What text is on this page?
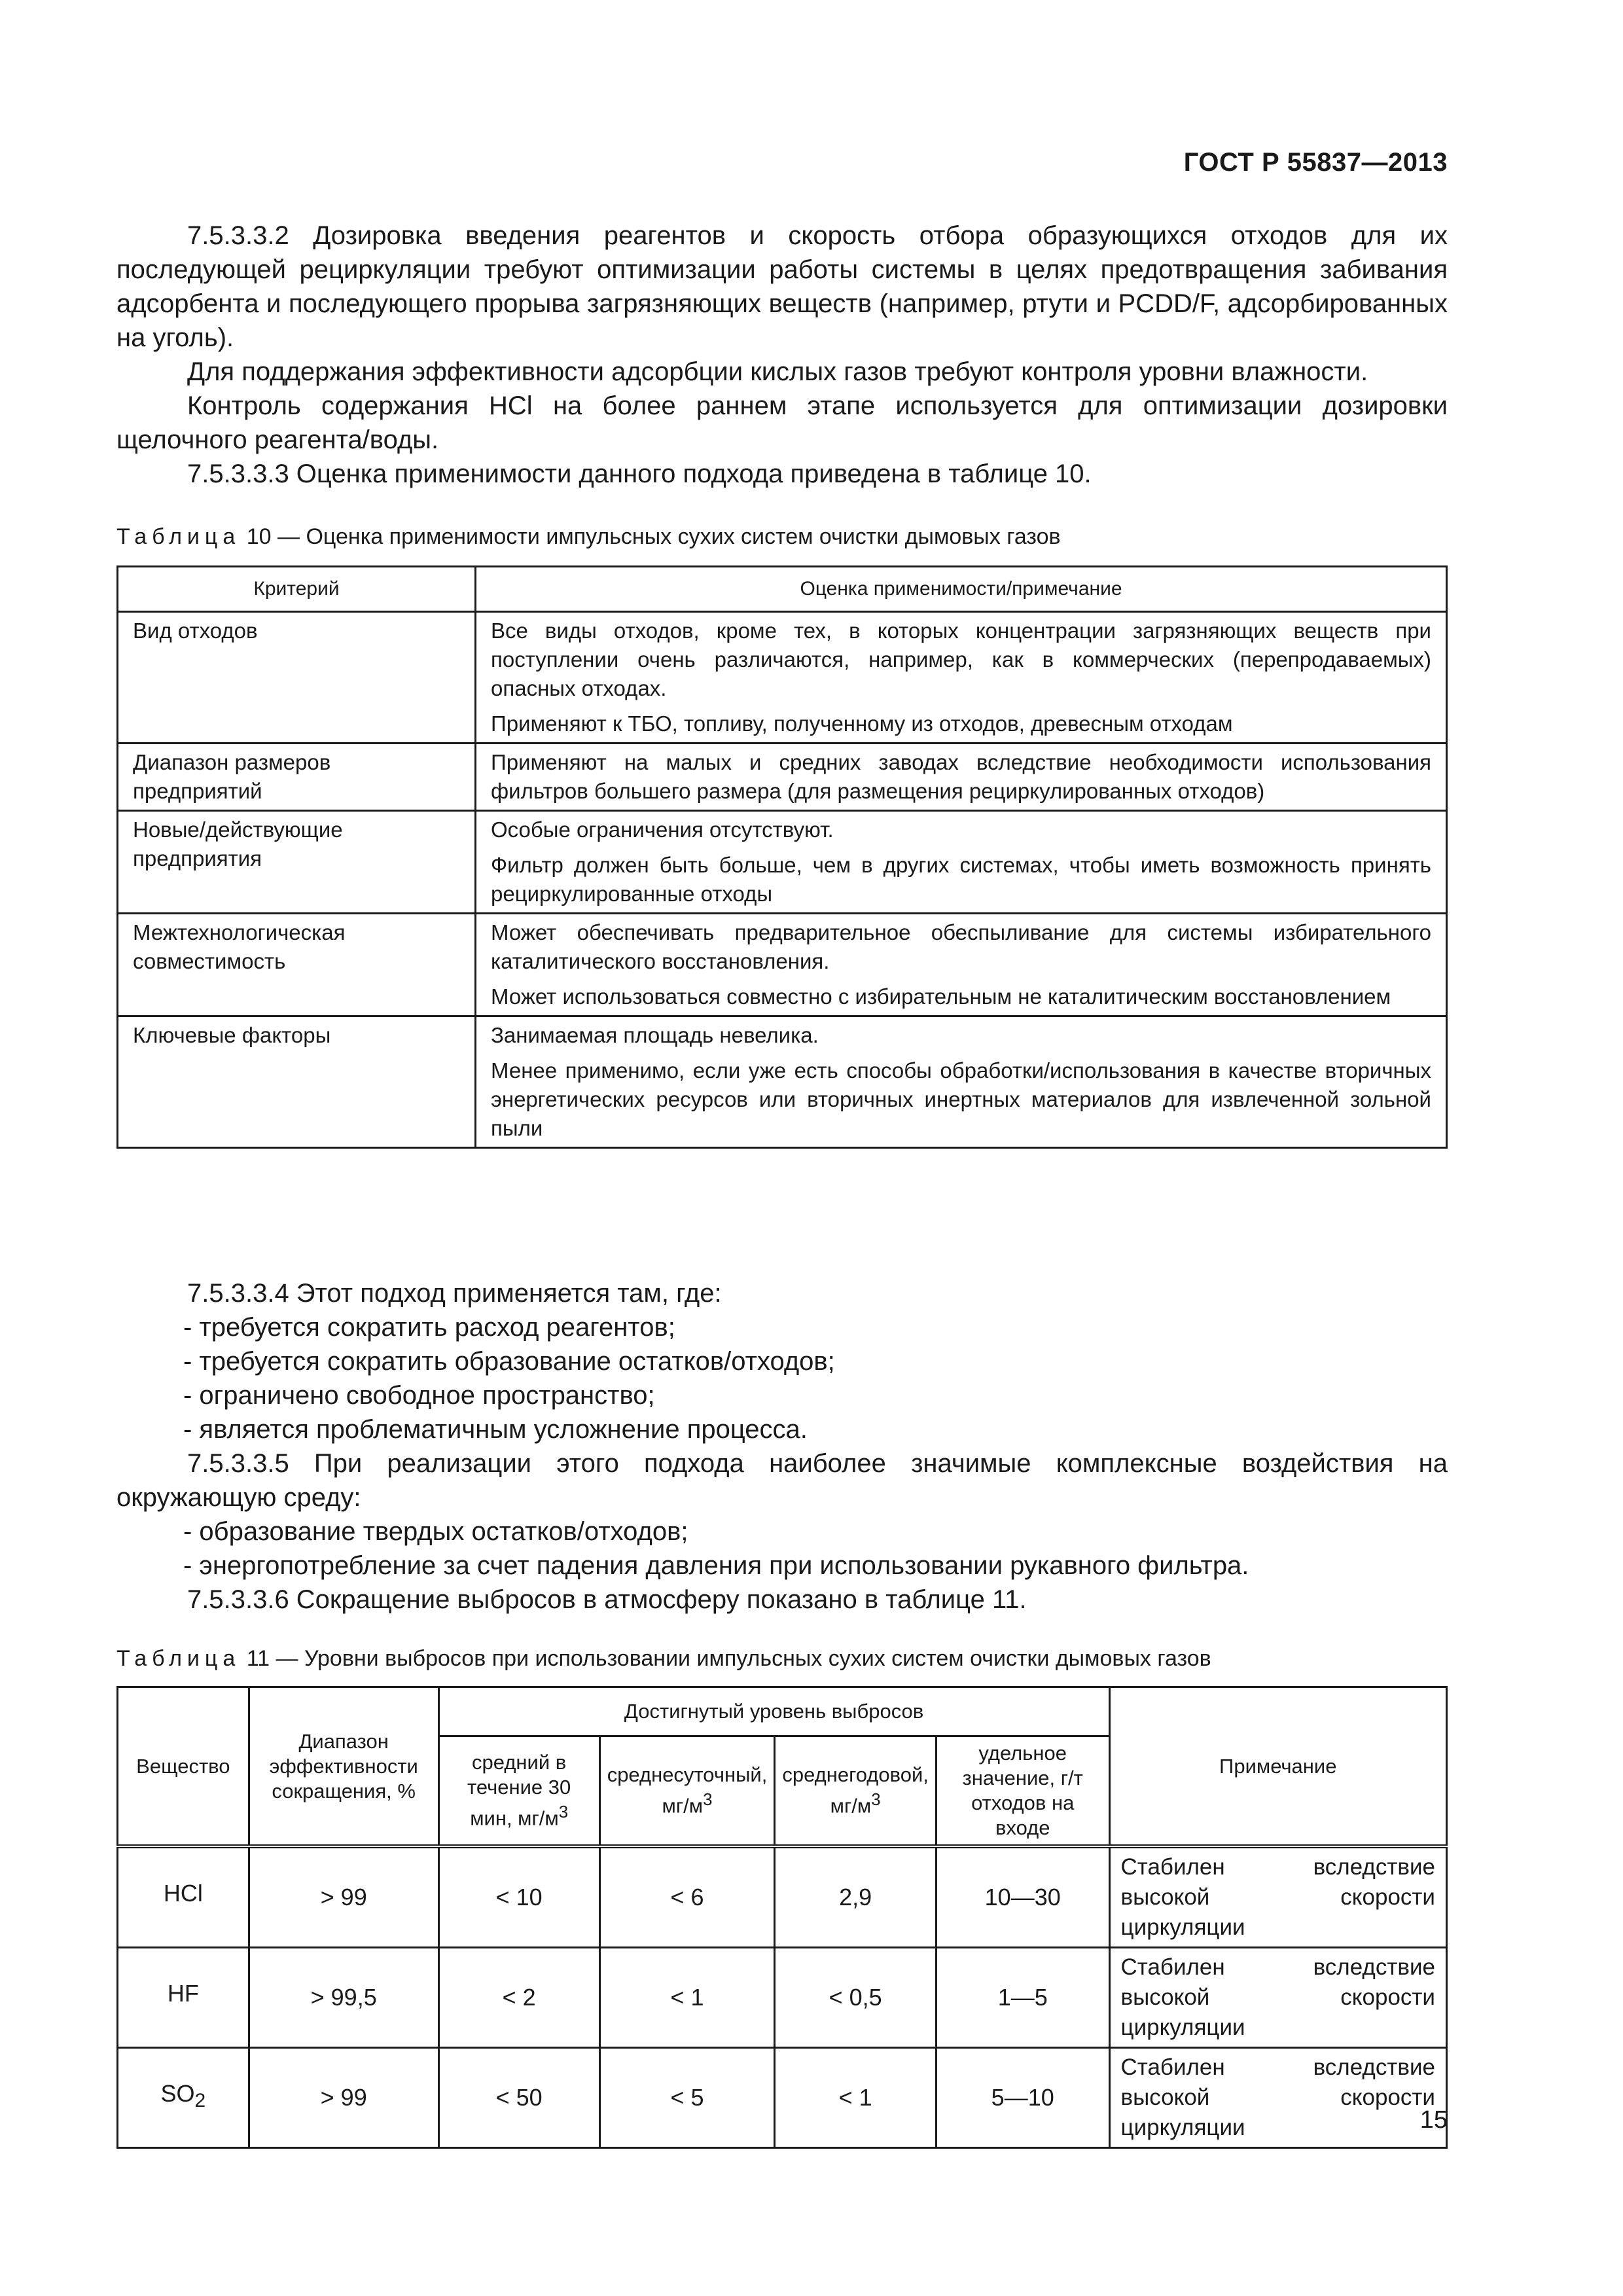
ГОСТ Р 55837—2013

7.5.3.3.2 Дозировка введения реагентов и скорость отбора образующихся отходов для их последующей рециркуляции требуют оптимизации работы системы в целях предотвращения забивания адсорбента и последующего прорыва загрязняющих веществ (например, ртути и PCDD/F, адсорбированных на уголь).

Для поддержания эффективности адсорбции кислых газов требуют контроля уровни влажности.

Контроль содержания HCl на более раннем этапе используется для оптимизации дозировки щелочного реагента/воды.

7.5.3.3.3 Оценка применимости данного подхода приведена в таблице 10.

Таблица 10 — Оценка применимости импульсных сухих систем очистки дымовых газов
Критерий	Оценка применимости/примечание
Вид отходов	Все виды отходов, кроме тех, в которых концентрации загрязняющих веществ при поступлении очень различаются, например, как в коммерческих (перепродаваемых) опасных отходах.

Применяют к ТБО, топливу, полученному из отходов, древесным отходам

Диапазон размеров предприятий	Применяют на малых и средних заводах вследствие необходимости использования фильтров большего размера (для размещения рециркулированных отходов)

Новые/действующие предприятия	Особые ограничения отсутствуют.

Фильтр должен быть больше, чем в других системах, чтобы иметь возможность принять рециркулированные отходы

Межтехнологическая совместимость	Может обеспечивать предварительное обеспыливание для системы избирательного каталитического восстановления.

Может использоваться совместно с избирательным не каталитическим восстановлением

Ключевые факторы	Занимаемая площадь невелика.

Менее применимо, если уже есть способы обработки/использования в качестве вторичных энергетических ресурсов или вторичных инертных материалов для извлеченной зольной пыли

7.5.3.3.4 Этот подход применяется там, где:

- требуется сократить расход реагентов;

- требуется сократить образование остатков/отходов;

- ограничено свободное пространство;

- является проблематичным усложнение процесса.

7.5.3.3.5 При реализации этого подхода наиболее значимые комплексные воздействия на окружающую среду:

- образование твердых остатков/отходов;

- энергопотребление за счет падения давления при использовании рукавного фильтра.

7.5.3.3.6 Сокращение выбросов в атмосферу показано в таблице 11.

Таблица 11 — Уровни выбросов при использовании импульсных сухих систем очистки дымовых газов
Вещество	Диапазон эффективности сокращения, %	Достигнутый уровень выбросов				Примечание
		средний в течение 30 мин, $мг/м^3$	среднесуточный, $мг/м^3$	среднегодовой, $мг/м^3$	удельное значение, г/т отходов на входе	
HCl	> 99	< 10	< 6	2,9	10—30	Стабилен вследствие высокой скорости циркуляции
HF	> 99,5	< 2	< 1	< 0,5	1—5	Стабилен вследствие высокой скорости циркуляции
$SO_2$	> 99	< 50	< 5	< 1	5—10	Стабилен вследствие высокой скорости циркуляции	15
